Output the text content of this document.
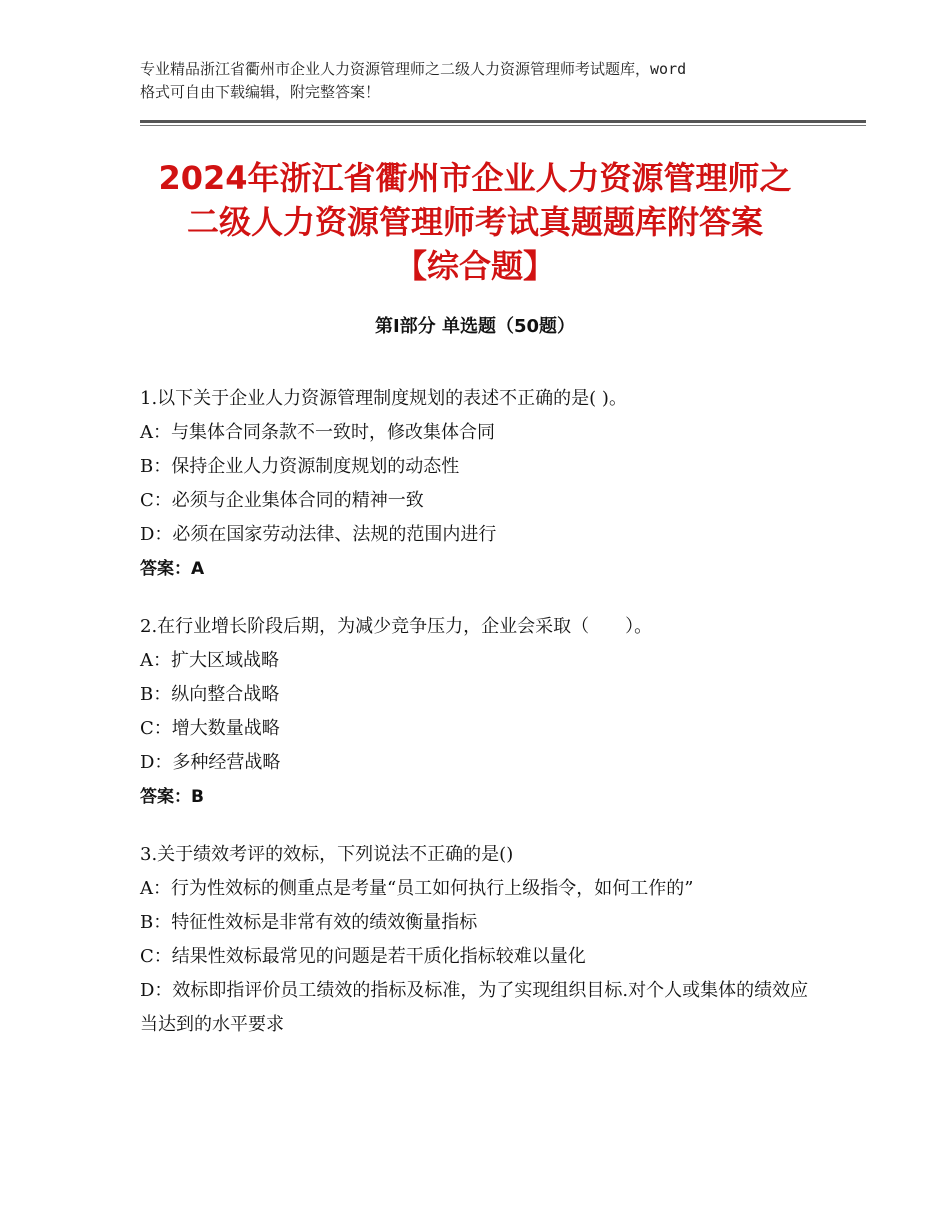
专业精品浙江省衢州市企业人力资源管理师之二级人力资源管理师考试题库，word
格式可自由下载编辑，附完整答案！
2024年浙江省衢州市企业人力资源管理师之
二级人力资源管理师考试真题题库附答案
【综合题】
第Ⅰ部分 单选题（50题）
1.以下关于企业人力资源管理制度规划的表述不正确的是( )。
A：与集体合同条款不一致时，修改集体合同
B：保持企业人力资源制度规划的动态性
C：必须与企业集体合同的精神一致
D：必须在国家劳动法律、法规的范围内进行
答案：A
2.在行业增长阶段后期，为减少竞争压力，企业会采取（　　）。
A：扩大区域战略
B：纵向整合战略
C：增大数量战略
D：多种经营战略
答案：B
3.关于绩效考评的效标，下列说法不正确的是()
A：行为性效标的侧重点是考量“员工如何执行上级指令，如何工作的”
B：特征性效标是非常有效的绩效衡量指标
C：结果性效标最常见的问题是若干质化指标较难以量化
D：效标即指评价员工绩效的指标及标准，为了实现组织目标.对个人或集体的绩效应当达到的水平要求
